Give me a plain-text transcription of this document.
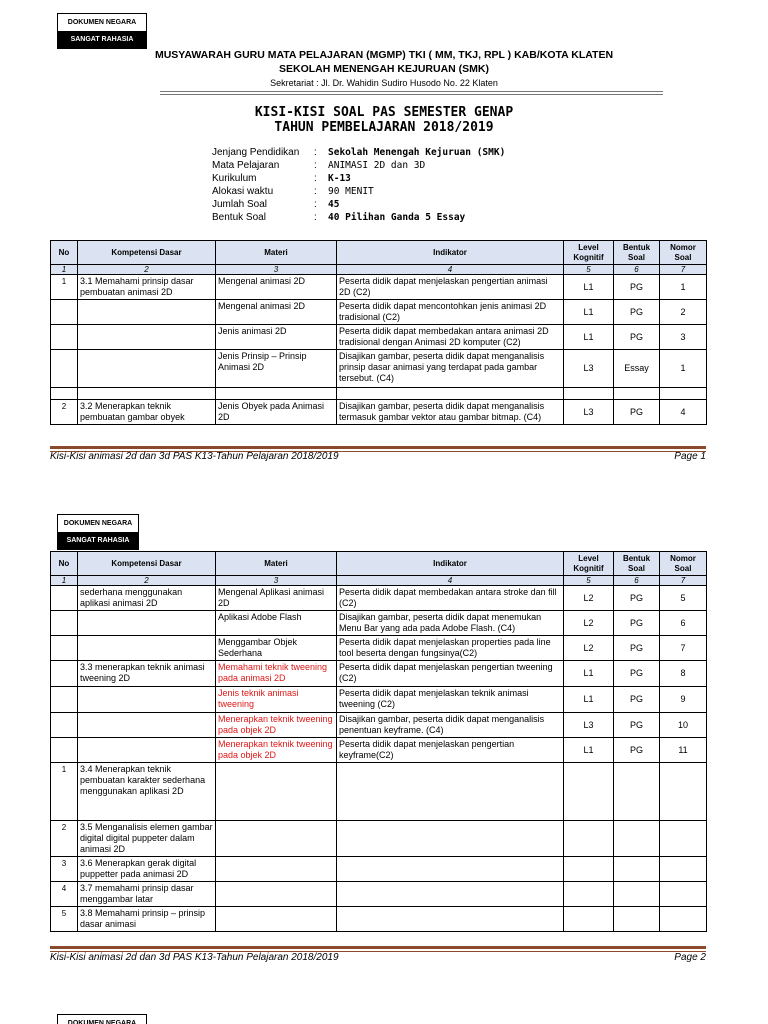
DOKUMEN NEGARA
SANGAT RAHASIA
MUSYAWARAH GURU MATA PELAJARAN (MGMP) TKI ( MM, TKJ, RPL ) KAB/KOTA KLATEN
SEKOLAH MENENGAH KEJURUAN (SMK)
Sekretariat : Jl. Dr. Wahidin Sudiro Husodo No. 22 Klaten
KISI-KISI SOAL PAS SEMESTER GENAP
TAHUN PEMBELAJARAN 2018/2019
Jenjang Pendidikan	:	Sekolah Menengah Kejuruan (SMK)
Mata Pelajaran	:	ANIMASI 2D dan 3D
Kurikulum	:	K-13
Alokasi waktu	:	90 MENIT
Jumlah Soal	:	45
Bentuk Soal	:	40 Pilihan Ganda 5 Essay
No	Kompetensi Dasar	Materi	Indikator	Level Kognitif	Bentuk Soal	Nomor Soal
1	2	3	4	5	6	7
1	3.1 Memahami prinsip dasar pembuatan animasi 2D	Mengenal animasi 2D	Peserta didik dapat menjelaskan pengertian animasi 2D (C2)	L1	PG	1
		Mengenal animasi 2D	Peserta didik dapat mencontohkan jenis animasi 2D tradisional (C2)	L1	PG	2
		Jenis animasi 2D	Peserta didik dapat membedakan antara animasi 2D tradisional dengan Animasi 2D komputer (C2)	L1	PG	3
		Jenis Prinsip – Prinsip Animasi 2D	Disajikan gambar, peserta didik dapat menganalisis prinsip dasar animasi yang terdapat pada gambar tersebut. (C4)	L3	Essay	1

2	3.2 Menerapkan teknik pembuatan gambar obyek	Jenis Obyek pada Animasi 2D	Disajikan gambar, peserta didik dapat menganalisis termasuk gambar vektor atau gambar bitmap. (C4)	L3	PG	4
Kisi-Kisi animasi 2d dan 3d PAS K13-Tahun Pelajaran 2018/2019	Page 1
DOKUMEN NEGARA
SANGAT RAHASIA
No	Kompetensi Dasar	Materi	Indikator	Level Kognitif	Bentuk Soal	Nomor Soal
1	2	3	4	5	6	7
	sederhana menggunakan aplikasi animasi 2D	Mengenal Aplikasi animasi 2D	Peserta didik dapat membedakan antara stroke dan fill (C2)	L2	PG	5
		Aplikasi Adobe Flash	Disajikan gambar, peserta didik dapat menemukan Menu Bar yang ada pada Adobe Flash. (C4)	L2	PG	6
		Menggambar Objek Sederhana	Peserta didik dapat menjelaskan properties pada line tool beserta dengan fungsinya(C2)	L2	PG	7
	3.3 menerapkan teknik animasi tweening 2D	Memahami teknik tweening pada animasi 2D	Peserta didik dapat menjelaskan pengertian tweening (C2)	L1	PG	8
		Jenis teknik animasi tweening	Peserta didik dapat menjelaskan teknik animasi tweening (C2)	L1	PG	9
		Menerapkan teknik tweening pada objek 2D	Disajikan gambar, peserta didik dapat menganalisis penentuan keyframe. (C4)	L3	PG	10
		Menerapkan teknik tweening pada objek 2D	Peserta didik dapat menjelaskan pengertian keyframe(C2)	L1	PG	11
1	3.4 Menerapkan teknik pembuatan karakter sederhana menggunakan aplikasi 2D					
2	3.5 Menganalisis elemen gambar digital digital puppeter dalam animasi 2D					
3	3.6 Menerapkan gerak digital puppetter pada animasi 2D					
4	3.7 memahami prinsip dasar menggambar latar					
5	3.8 Memahami prinsip – prinsip dasar animasi					
Kisi-Kisi animasi 2d dan 3d PAS K13-Tahun Pelajaran 2018/2019	Page 2
DOKUMEN NEGARA
